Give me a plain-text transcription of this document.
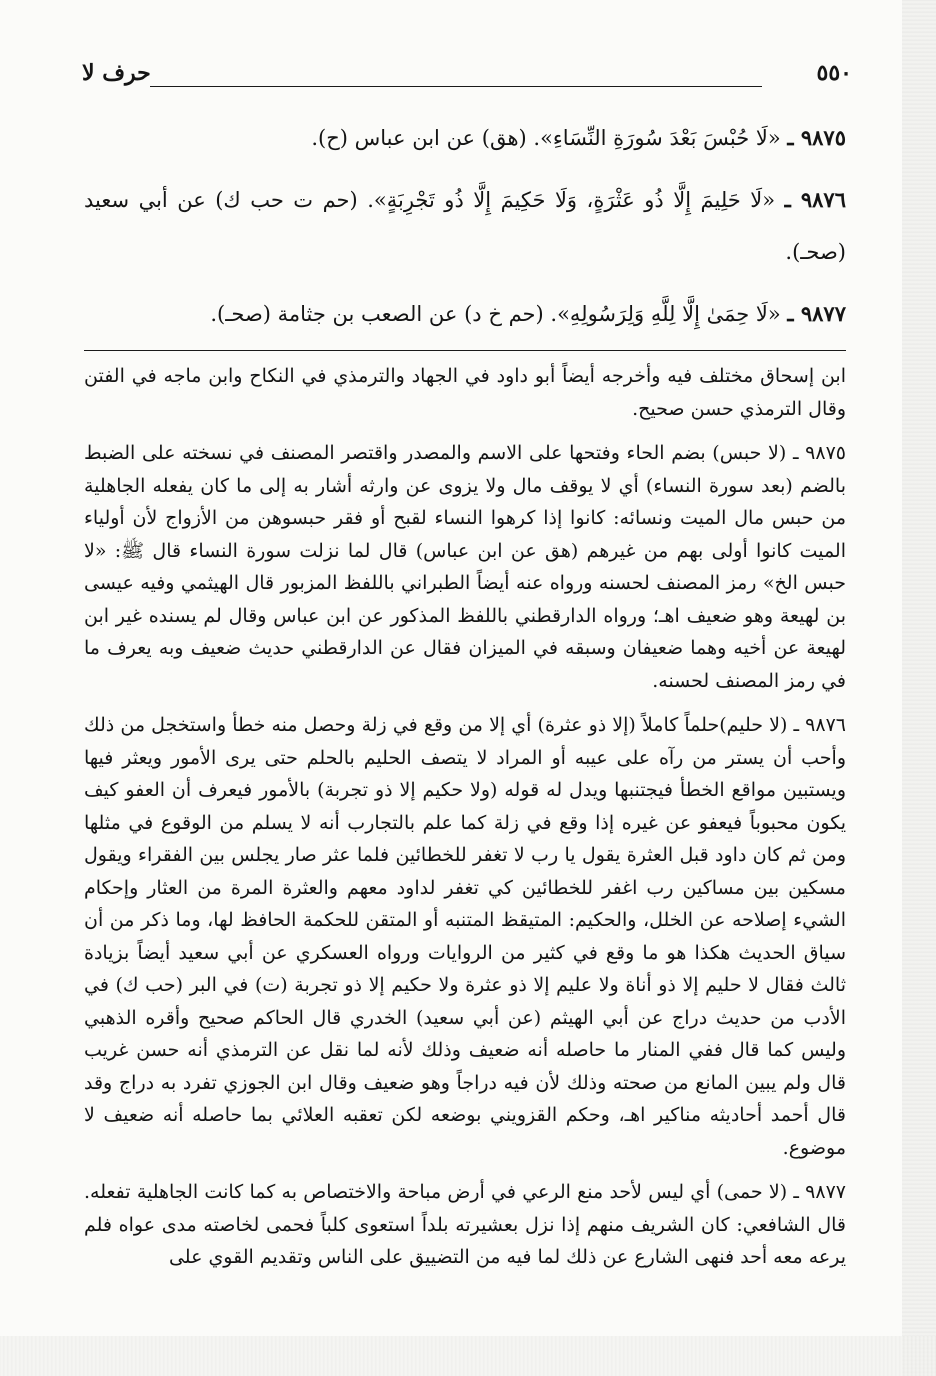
حرف لا	٥٥٠

٩٨٧٥ ـ «لَا حُبْسَ بَعْدَ سُورَةِ النِّسَاءِ». (هق) عن ابن عباس (ح).

٩٨٧٦ ـ «لَا حَلِيمَ إِلَّا ذُو عَثْرَةٍ، وَلَا حَكِيمَ إِلَّا ذُو تَجْرِبَةٍ». (حم ت حب ك) عن أبي سعيد (صحـ).

٩٨٧٧ ـ «لَا حِمَىٰ إِلَّا لِلَّهِ وَلِرَسُولِهِ». (حم خ د) عن الصعب بن جثامة (صحـ).

ابن إسحاق مختلف فيه وأخرجه أيضاً أبو داود في الجهاد والترمذي في النكاح وابن ماجه في الفتن وقال الترمذي حسن صحيح.

٩٨٧٥ ـ (لا حبس) بضم الحاء وفتحها على الاسم والمصدر واقتصر المصنف في نسخته على الضبط بالضم (بعد سورة النساء) أي لا يوقف مال ولا يزوى عن وارثه أشار به إلى ما كان يفعله الجاهلية من حبس مال الميت ونسائه: كانوا إذا كرهوا النساء لقبح أو فقر حبسوهن من الأزواج لأن أولياء الميت كانوا أولى بهم من غيرهم (هق عن ابن عباس) قال لما نزلت سورة النساء قال ﷺ: «لا حبس الخ» رمز المصنف لحسنه ورواه عنه أيضاً الطبراني باللفظ المزبور قال الهيثمي وفيه عيسى بن لهيعة وهو ضعيف اهـ؛ ورواه الدارقطني باللفظ المذكور عن ابن عباس وقال لم يسنده غير ابن لهيعة عن أخيه وهما ضعيفان وسبقه في الميزان فقال عن الدارقطني حديث ضعيف وبه يعرف ما في رمز المصنف لحسنه.

٩٨٧٦ ـ (لا حليم)حلماً كاملاً (إلا ذو عثرة) أي إلا من وقع في زلة وحصل منه خطأ واستخجل من ذلك وأحب أن يستر من رآه على عيبه أو المراد لا يتصف الحليم بالحلم حتى يرى الأمور ويعثر فيها ويستبين مواقع الخطأ فيجتنبها ويدل له قوله (ولا حكيم إلا ذو تجربة) بالأمور فيعرف أن العفو كيف يكون محبوباً فيعفو عن غيره إذا وقع في زلة كما علم بالتجارب أنه لا يسلم من الوقوع في مثلها ومن ثم كان داود قبل العثرة يقول يا رب لا تغفر للخطائين فلما عثر صار يجلس بين الفقراء ويقول مسكين بين مساكين رب اغفر للخطائين كي تغفر لداود معهم والعثرة المرة من العثار وإحكام الشيء إصلاحه عن الخلل، والحكيم: المتيقظ المتنبه أو المتقن للحكمة الحافظ لها، وما ذكر من أن سياق الحديث هكذا هو ما وقع في كثير من الروايات ورواه العسكري عن أبي سعيد أيضاً بزيادة ثالث فقال لا حليم إلا ذو أناة ولا عليم إلا ذو عثرة ولا حكيم إلا ذو تجربة (ت) في البر (حب ك) في الأدب من حديث دراج عن أبي الهيثم (عن أبي سعيد) الخدري قال الحاكم صحيح وأقره الذهبي وليس كما قال ففي المنار ما حاصله أنه ضعيف وذلك لأنه لما نقل عن الترمذي أنه حسن غريب قال ولم يبين المانع من صحته وذلك لأن فيه دراجاً وهو ضعيف وقال ابن الجوزي تفرد به دراج وقد قال أحمد أحاديثه مناكير اهـ، وحكم القزويني بوضعه لكن تعقبه العلائي بما حاصله أنه ضعيف لا موضوع.

٩٨٧٧ ـ (لا حمى) أي ليس لأحد منع الرعي في أرض مباحة والاختصاص به كما كانت الجاهلية تفعله. قال الشافعي: كان الشريف منهم إذا نزل بعشيرته بلداً استعوى كلباً فحمى لخاصته مدى عواه فلم يرعه معه أحد فنهى الشارع عن ذلك لما فيه من التضييق على الناس وتقديم القوي على
